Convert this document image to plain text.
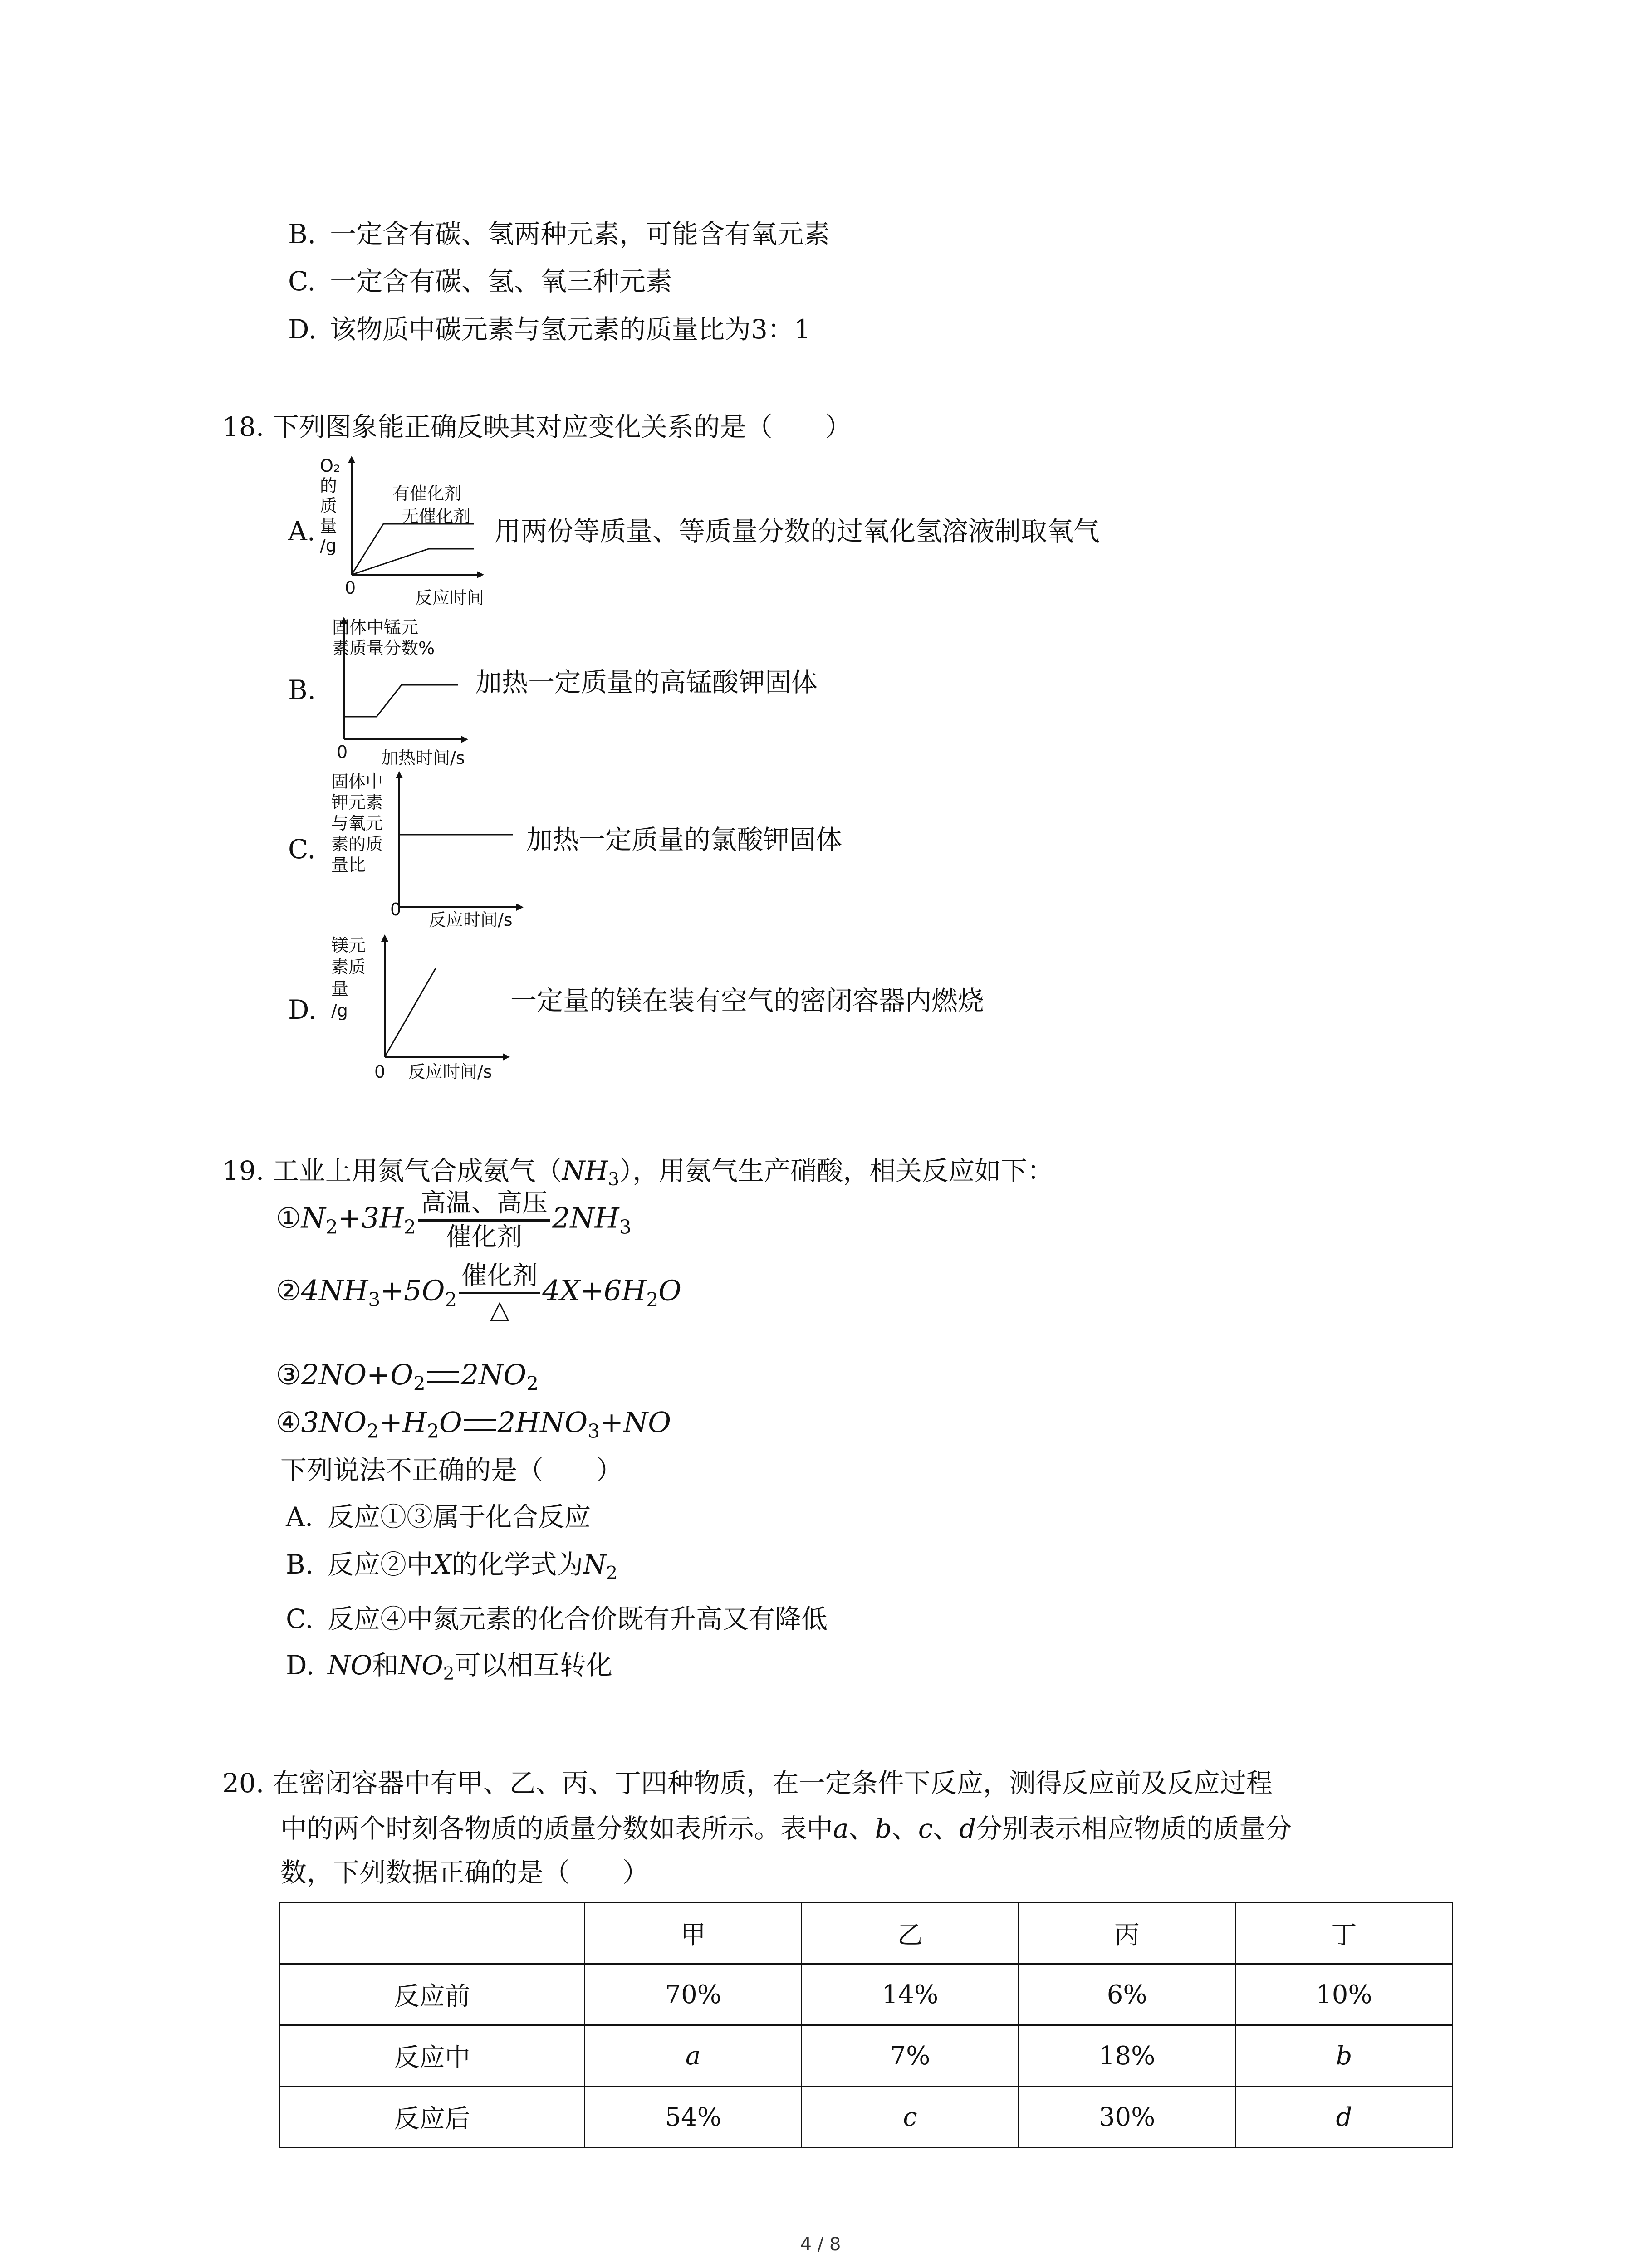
B. 一定含有碳、氢两种元素，可能含有氧元素
C. 一定含有碳、氢、氧三种元素
D. 该物质中碳元素与氢元素的质量比为3：1
18. 下列图象能正确反映其对应变化关系的是（　　）
A.
O₂
的
质
量
/g
有催化剂
无催化剂
0	反应时间
用两份等质量、等质量分数的过氧化氢溶液制取氧气
B.
固体中锰元
素质量分数%
0 加热时间/s
加热一定质量的高锰酸钾固体
C.
固体中
钾元素
与氧元
素的质
量比
0
反应时间/s
加热一定质量的氯酸钾固体
D.
镁元
素质
量
/g
0 反应时间/s
一定量的镁在装有空气的密闭容器内燃烧
19. 工业上用氮气合成氨气$(NH_3)$，用氨气生产硝酸，相关反应如下：
$①N_2+3H_2$
高温、高压
催化剂
$2NH_3$
$②4NH_3+5O_2$
催化剂
△
$4X+6H_2O$
$③2NO+O_2$ $2NO_2$
$④3NO_2+H_2O$ $2HNO_3+NO$
下列说法不正确的是（　　）
A. 反应①③属于化合反应
B. 反应②中X的化学式为$N_2$
C. 反应④中氮元素的化合价既有升高又有降低
D. NO和$NO_2$可以相互转化
20. 在密闭容器中有甲、乙、丙、丁四种物质，在一定条件下反应，测得反应前及反应过程
中的两个时刻各物质的质量分数如表所示。表中a、b、c、d分别表示相应物质的质量分
数，下列数据正确的是（　　）
	甲	乙	丙	丁
反应前	70%	14%	6%	10%
反应中	a	7%	18%	b
反应后	54%	c	30%	d
4 / 8
